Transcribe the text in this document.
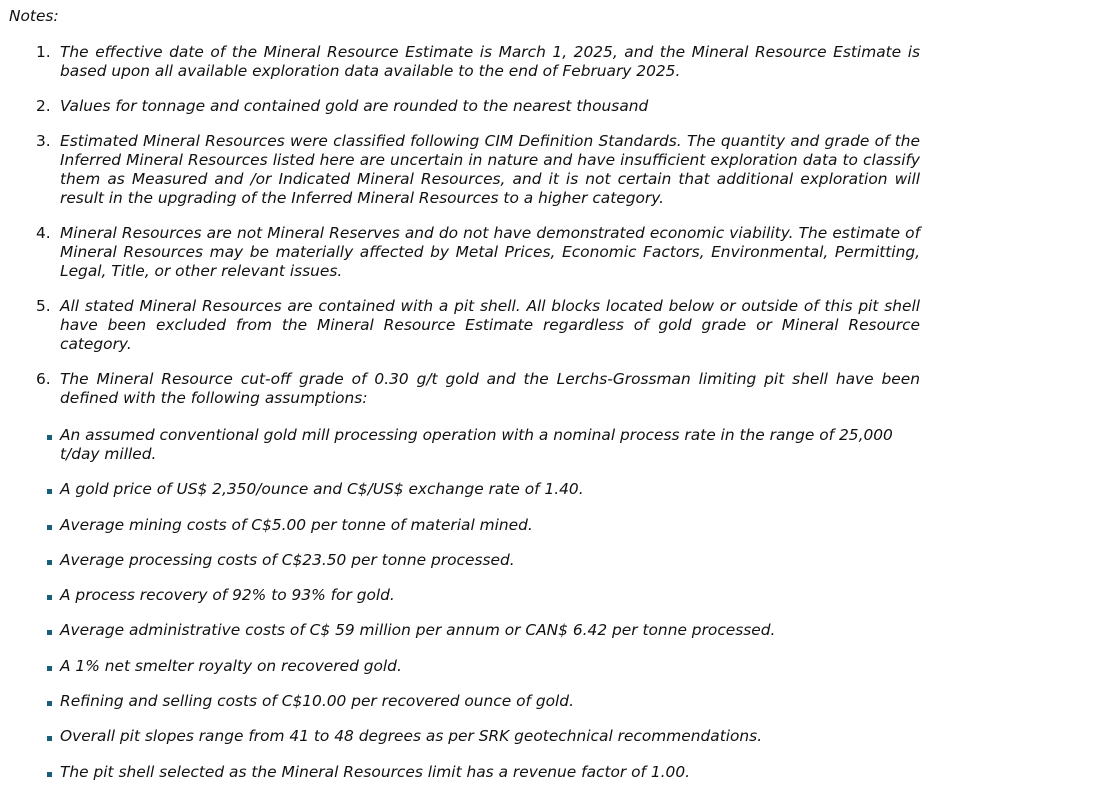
Notes:
1. The effective date of the Mineral Resource Estimate is March 1, 2025, and the Mineral Resource Estimate is based upon all available exploration data available to the end of February 2025.
2. Values for tonnage and contained gold are rounded to the nearest thousand
3. Estimated Mineral Resources were classified following CIM Definition Standards. The quantity and grade of the Inferred Mineral Resources listed here are uncertain in nature and have insufficient exploration data to classify them as Measured and /or Indicated Mineral Resources, and it is not certain that additional exploration will result in the upgrading of the Inferred Mineral Resources to a higher category.
4. Mineral Resources are not Mineral Reserves and do not have demonstrated economic viability. The estimate of Mineral Resources may be materially affected by Metal Prices, Economic Factors, Environmental, Permitting, Legal, Title, or other relevant issues.
5. All stated Mineral Resources are contained with a pit shell. All blocks located below or outside of this pit shell have been excluded from the Mineral Resource Estimate regardless of gold grade or Mineral Resource category.
6. The Mineral Resource cut-off grade of 0.30 g/t gold and the Lerchs-Grossman limiting pit shell have been defined with the following assumptions:
An assumed conventional gold mill processing operation with a nominal process rate in the range of 25,000 t/day milled.
A gold price of US$ 2,350/ounce and C$/US$ exchange rate of 1.40.
Average mining costs of C$5.00 per tonne of material mined.
Average processing costs of C$23.50 per tonne processed.
A process recovery of 92% to 93% for gold.
Average administrative costs of C$ 59 million per annum or CAN$ 6.42 per tonne processed.
A 1% net smelter royalty on recovered gold.
Refining and selling costs of C$10.00 per recovered ounce of gold.
Overall pit slopes range from 41 to 48 degrees as per SRK geotechnical recommendations.
The pit shell selected as the Mineral Resources limit has a revenue factor of 1.00.
